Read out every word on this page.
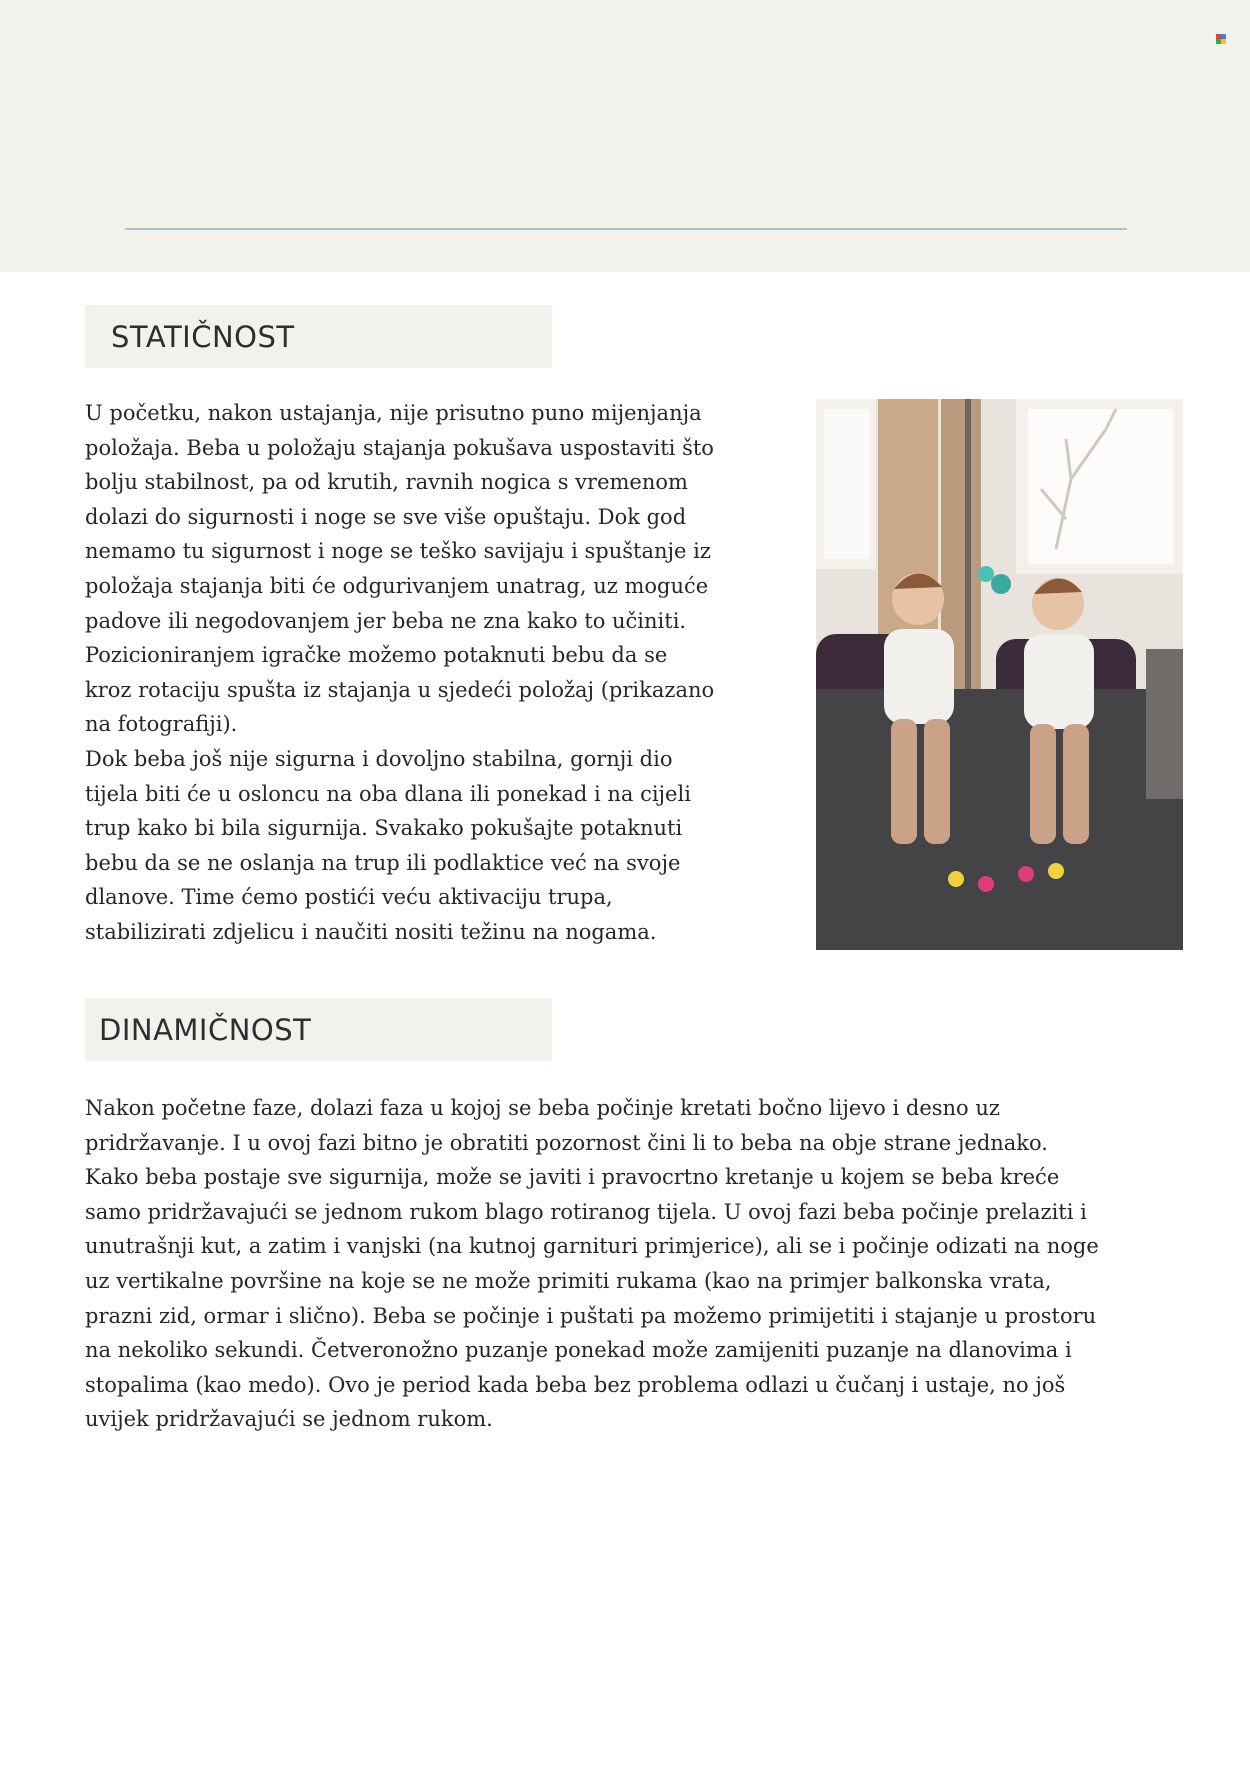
STATIČNOST

U početku, nakon ustajanja, nije prisutno puno mijenjanja
položaja. Beba u položaju stajanja pokušava uspostaviti što
bolju stabilnost, pa od krutih, ravnih nogica s vremenom
dolazi do sigurnosti i noge se sve više opuštaju. Dok god
nemamo tu sigurnost i noge se teško savijaju i spuštanje iz
položaja stajanja biti će odgurivanjem unatrag, uz moguće
padove ili negodovanjem jer beba ne zna kako to učiniti.
Pozicioniranjem igračke možemo potaknuti bebu da se
kroz rotaciju spušta iz stajanja u sjedeći položaj (prikazano
na fotografiji).
Dok beba još nije sigurna i dovoljno stabilna, gornji dio
tijela biti će u osloncu na oba dlana ili ponekad i na cijeli
trup kako bi bila sigurnija. Svakako pokušajte potaknuti
bebu da se ne oslanja na trup ili podlaktice već na svoje
dlanove. Time ćemo postići veću aktivaciju trupa,
stabilizirati zdjelicu i naučiti nositi težinu na nogama.

DINAMIČNOST

Nakon početne faze, dolazi faza u kojoj se beba počinje kretati bočno lijevo i desno uz
pridržavanje. I u ovoj fazi bitno je obratiti pozornost čini li to beba na obje strane jednako.
Kako beba postaje sve sigurnija, može se javiti i pravocrtno kretanje u kojem se beba kreće
samo pridržavajući se jednom rukom blago rotiranog tijela. U ovoj fazi beba počinje prelaziti i
unutrašnji kut, a zatim i vanjski (na kutnoj garnituri primjerice), ali se i počinje odizati na noge
uz vertikalne površine na koje se ne može primiti rukama (kao na primjer balkonska vrata,
prazni zid, ormar i slično). Beba se počinje i puštati pa možemo primijetiti i stajanje u prostoru
na nekoliko sekundi. Četveronožno puzanje ponekad može zamijeniti puzanje na dlanovima i
stopalima (kao medo). Ovo je period kada beba bez problema odlazi u čučanj i ustaje, no još
uvijek pridržavajući se jednom rukom.
